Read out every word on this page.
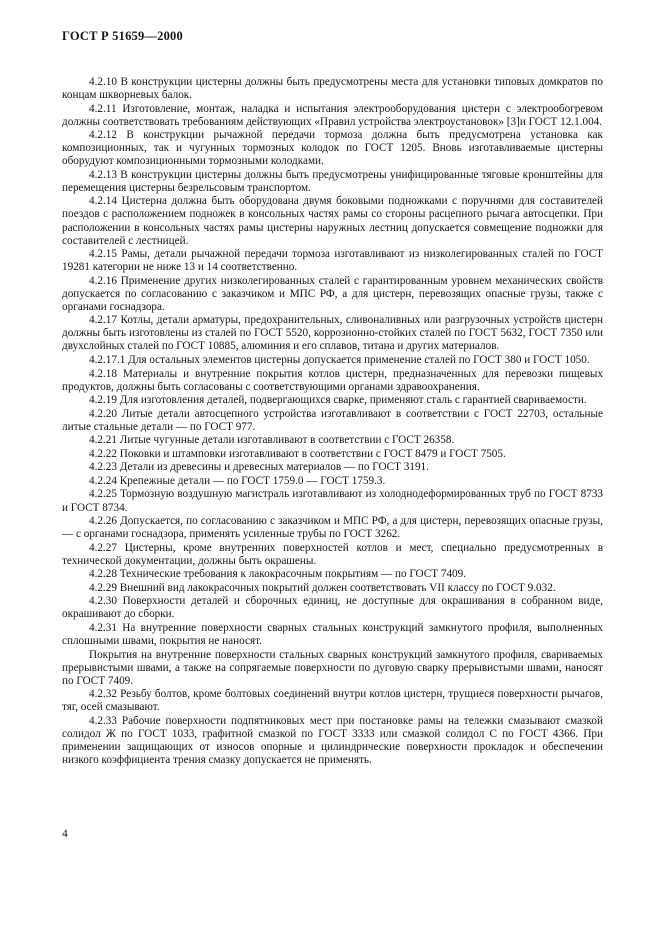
ГОСТ Р 51659—2000

4.2.10 В конструкции цистерны должны быть предусмотрены места для установки типовых домкратов по концам шкворневых балок.

4.2.11 Изготовление, монтаж, наладка и испытания электрооборудования цистерн с электрообогревом должны соответствовать требованиям действующих «Правил устройства электроустановок» [3]и ГОСТ 12.1.004.

4.2.12 В конструкции рычажной передачи тормоза должна быть предусмотрена установка как композиционных, так и чугунных тормозных колодок по ГОСТ 1205. Вновь изготавливаемые цистерны оборудуют композиционными тормозными колодками.

4.2.13 В конструкции цистерны должны быть предусмотрены унифицированные тяговые кронштейны для перемещения цистерны безрельсовым транспортом.

4.2.14 Цистерна должна быть оборудована двумя боковыми подножками с поручнями для составителей поездов с расположением подножек в консольных частях рамы со стороны расцепного рычага автосцепки. При расположении в консольных частях рамы цистерны наружных лестниц допускается совмещение подножки для составителей с лестницей.

4.2.15 Рамы, детали рычажной передачи тормоза изготавливают из низколегированных сталей по ГОСТ 19281 категории не ниже 13 и 14 соответственно.

4.2.16 Применение других низколегированных сталей с гарантированным уровнем механических свойств допускается по согласованию с заказчиком и МПС РФ, а для цистерн, перевозящих опасные грузы, также с органами госнадзора.

4.2.17 Котлы, детали арматуры, предохранительных, сливоналивных или разгрузочных устройств цистерн должны быть изготовлены из сталей по ГОСТ 5520, коррозионно-стойких сталей по ГОСТ 5632, ГОСТ 7350 или двухслойных сталей по ГОСТ 10885, алюминия и его сплавов, титана и других материалов.

4.2.17.1 Для остальных элементов цистерны допускается применение сталей по ГОСТ 380 и ГОСТ 1050.

4.2.18 Материалы и внутренние покрытия котлов цистерн, предназначенных для перевозки пищевых продуктов, должны быть согласованы с соответствующими органами здравоохранения.

4.2.19 Для изготовления деталей, подвергающихся сварке, применяют сталь с гарантией свариваемости.

4.2.20 Литые детали автосцепного устройства изготавливают в соответствии с ГОСТ 22703, остальные литые стальные детали — по ГОСТ 977.

4.2.21 Литые чугунные детали изготавливают в соответствии с ГОСТ 26358.

4.2.22 Поковки и штамповки изготавливают в соответствии с ГОСТ 8479 и ГОСТ 7505.

4.2.23 Детали из древесины и древесных материалов — по ГОСТ 3191.

4.2.24 Крепежные детали — по ГОСТ 1759.0 — ГОСТ 1759.3.

4.2.25 Тормозную воздушную магистраль изготавливают из холоднодеформированных труб по ГОСТ 8733 и ГОСТ 8734.

4.2.26 Допускается, по согласованию с заказчиком и МПС РФ, а для цистерн, перевозящих опасные грузы, — с органами госнадзора, применять усиленные трубы по ГОСТ 3262.

4.2.27 Цистерны, кроме внутренних поверхностей котлов и мест, специально предусмотренных в технической документации, должны быть окрашены.

4.2.28 Технические требования к лакокрасочным покрытиям — по ГОСТ 7409.

4.2.29 Внешний вид лакокрасочных покрытий должен соответствовать VII классу по ГОСТ 9.032.

4.2.30 Поверхности деталей и сборочных единиц, не доступные для окрашивания в собранном виде, окрашивают до сборки.

4.2.31 На внутренние поверхности сварных стальных конструкций замкнутого профиля, выполненных сплошными швами, покрытия не наносят.

Покрытия на внутренние поверхности стальных сварных конструкций замкнутого профиля, свариваемых прерывистыми швами, а также на сопрягаемые поверхности по дуговую сварку прерывистыми швами, наносят по ГОСТ 7409.

4.2.32 Резьбу болтов, кроме болтовых соединений внутри котлов цистерн, трущиеся поверхности рычагов, тяг, осей смазывают.

4.2.33 Рабочие поверхности подпятниковых мест при постановке рамы на тележки смазывают смазкой солидол Ж по ГОСТ 1033, графитной смазкой по ГОСТ 3333 или смазкой солидол С по ГОСТ 4366. При применении защищающих от износов опорные и цилиндрические поверхности прокладок и обеспечении низкого коэффициента трения смазку допускается не применять.

4
